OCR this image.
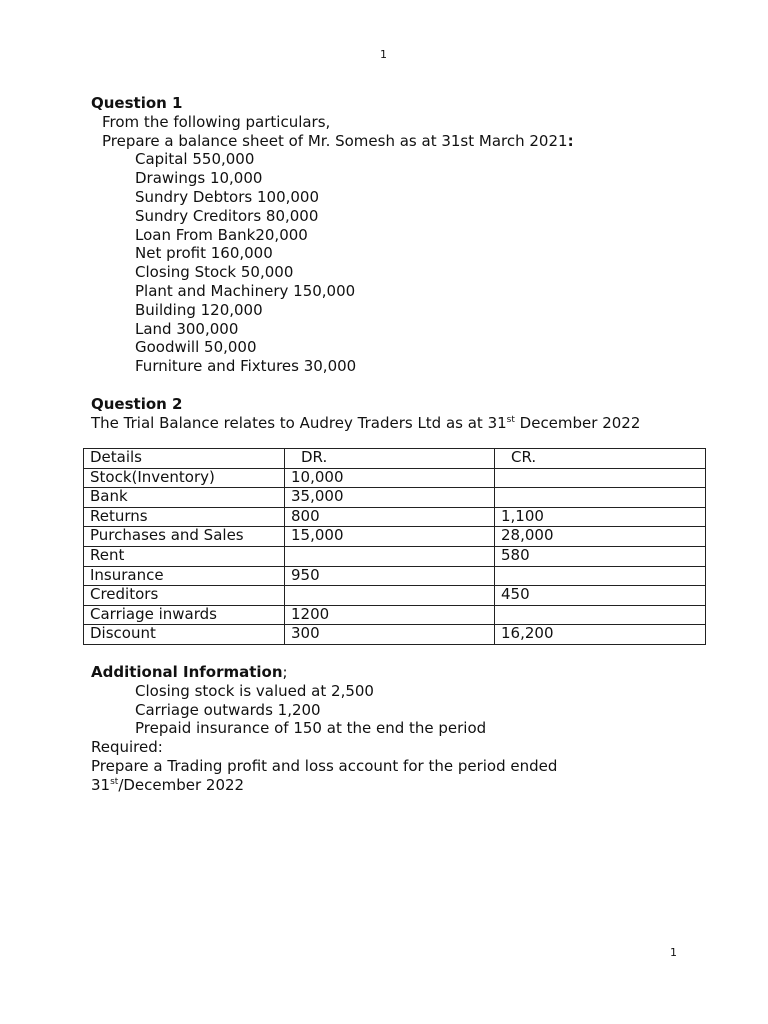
1
Question 1
From the following particulars,
Prepare a balance sheet of Mr. Somesh as at 31st March 2021:
Capital 550,000
Drawings 10,000
Sundry Debtors 100,000
Sundry Creditors 80,000
Loan From Bank20,000
Net profit 160,000
Closing Stock 50,000
Plant and Machinery 150,000
Building 120,000
Land 300,000
Goodwill 50,000
Furniture and Fixtures 30,000
Question 2
The Trial Balance relates to Audrey Traders Ltd as at 31st December 2022
Details	DR.	CR.
Stock(Inventory)	10,000	
Bank	35,000	
Returns	800	1,100
Purchases and Sales	15,000	28,000
Rent		580
Insurance	950	
Creditors		450
Carriage inwards	1200	
Discount	300	16,200
Additional Information;
Closing stock is valued at 2,500
Carriage outwards 1,200
Prepaid insurance of 150 at the end the period
Required:
Prepare a Trading profit and loss account for the period ended
31st/December 2022
1
